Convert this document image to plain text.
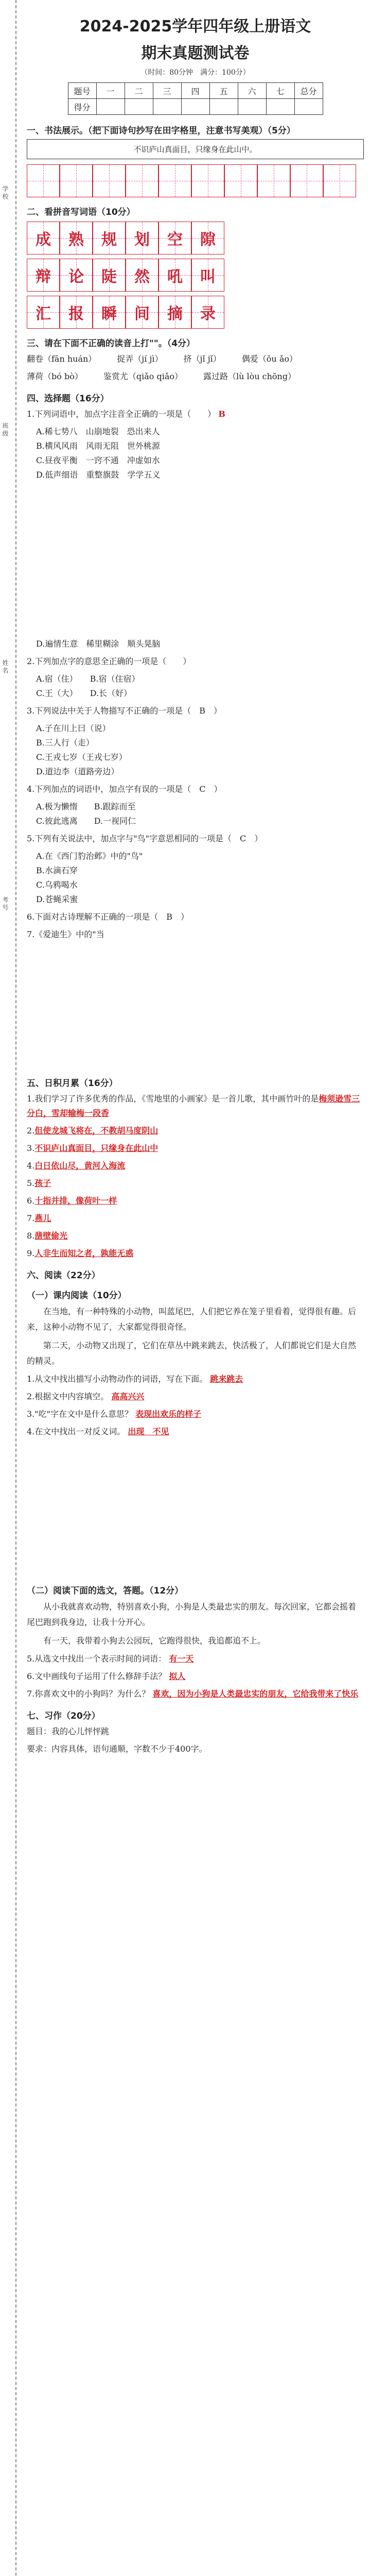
学校
班级
姓名
考号
2024-2025学年四年级上册语文
期末真题测试卷
（时间：80分钟　满分：100分）
题号	一	二	三	四	五	六	七	总分
得分								
一、书法展示。（把下面诗句抄写在田字格里，注意书写美观）（5分）
不识庐山真面目，只缘身在此山中。
二、看拼音写词语（10分）
成 熟 规 划 空 隙
辩 论 陡 然 吼 叫
汇 报 瞬 间 摘 录
三、请在下面不正确的读音上打""。（4分）
翻卷（fān huán）　　　捉弄（jí jì）　　　挤（jǐ jǐ）　　　偶爱（ǒu ǎo）
薄荷（bó bò）　　　鉴赏尤（qiǎo qiǎo）　　　露过路（lù lòu chōng）
四、选择题（16分）
1.下列词语中，加点字注音全正确的一项是（　　） B
A.稀七势八　山崩地裂　恐出来人
B.横风风雨　风雨无阻　世外桃源
C.昼夜平衡　一窍不通　冲虚如水
D.低声细语　重整旗鼓　学学五义
D.遍情生意　稀里糊涂　顺头晃脑
2.下列加点字的意思全正确的一项是（　　）
A.宿（住）　　B.宿（住宿）
C.王（大）　　D.长（好）
3.下列说法中关于人物描写不正确的一项是（　B　）
A.子在川上曰（说）
B.三人行（走）
C.王戎七岁（王戎七岁）
D.道边李（道路旁边）
4.下列加点的词语中，加点字有误的一项是（　C　）
A.极为懒惰　　B.跟踪而至
C.彼此逃离　　D.一视同仁
5.下列有关说法中，加点字与"鸟"字意思相同的一项是（　C　）
A.在《西门豹治邺》中的"鸟"
B.水滴石穿
C.乌鸦喝水
D.苍蝇采蜜
6.下面对古诗理解不正确的一项是（　B　）
7.《爱迪生》中的"当
五、日积月累（16分）
1.我们学习了许多优秀的作品，《雪地里的小画家》是一首儿歌，其中画竹叶的是梅须逊雪三分白，雪却输梅一段香
2.但使龙城飞将在，不教胡马度阴山
3.不识庐山真面目，只缘身在此山中
4.白日依山尽，黄河入海流
5.孩子
6.十指并排，像荷叶一样
7.燕儿
8.凿壁偷光
9.人非生而知之者，孰能无惑
六、阅读（22分）
（一）课内阅读（10分）
在当地，有一种特殊的小动物，叫蓝尾巴，人们把它养在笼子里看着，觉得很有趣。后来，这种小动物不见了，大家都觉得很奇怪。
第二天，小动物又出现了，它们在草丛中跳来跳去，快活极了，人们都说它们是大自然的精灵。
1.从文中找出描写小动物动作的词语，写在下面。 跳来跳去
2.根据文中内容填空。 高高兴兴
3."吃"字在文中是什么意思？ 表现出欢乐的样子
4.在文中找出一对反义词。 出现　不见
（二）阅读下面的选文，答题。（12分）
从小我就喜欢动物，特别喜欢小狗，小狗是人类最忠实的朋友。每次回家，它都会摇着尾巴跑到我身边，让我十分开心。
有一天，我带着小狗去公园玩，它跑得很快，我追都追不上。
5.从选文中找出一个表示时间的词语： 有一天
6.文中画线句子运用了什么修辞手法？ 拟人
7.你喜欢文中的小狗吗？为什么？ 喜欢，因为小狗是人类最忠实的朋友，它给我带来了快乐
七、习作（20分）
题目：我的心儿怦怦跳
要求：内容具体，语句通顺，字数不少于400字。
